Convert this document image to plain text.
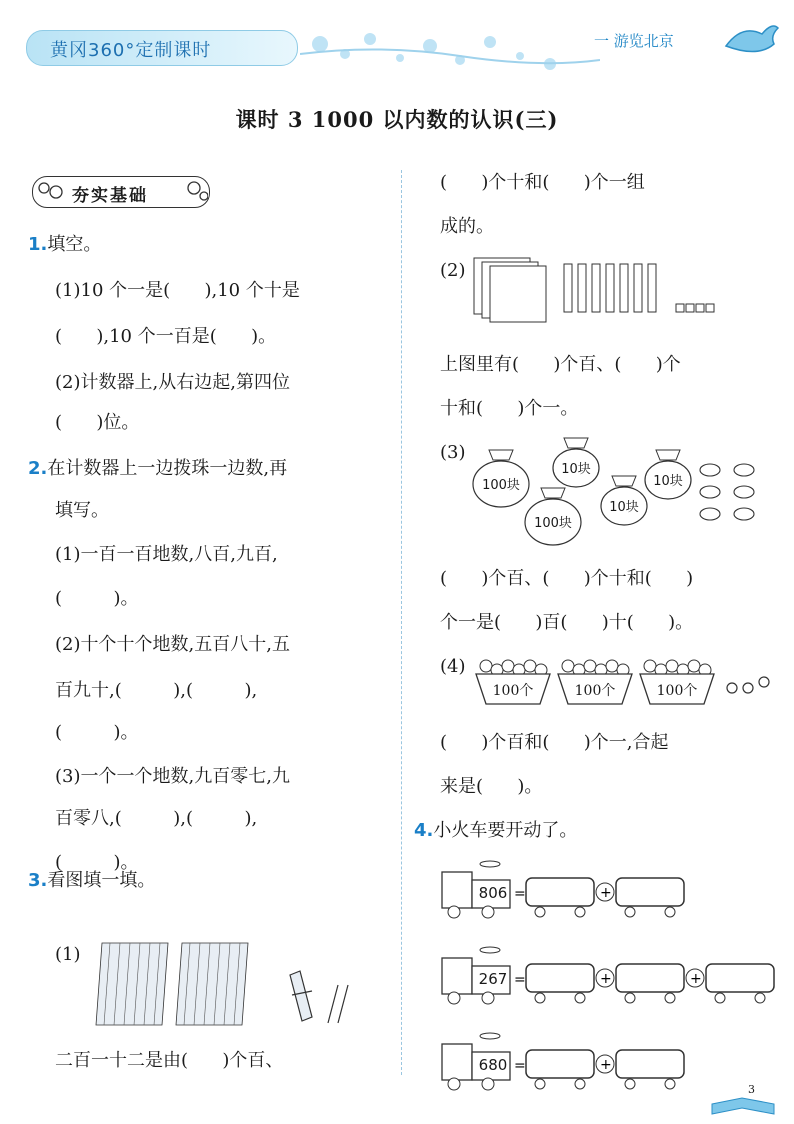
黄冈360°定制课时	一 游览北京
课时 3 1000 以内数的认识(三)
夯实基础
1.填空。
(1)10 个一是(      ),10 个十是
(      ),10 个一百是(      )。
(2)计数器上,从右边起,第四位
(      )位。
2.在计数器上一边拨珠一边数,再
填写。
(1)一百一百地数,八百,九百,
(         )。
(2)十个十个地数,五百八十,五
百九十,(         ),(         ),
(         )。
(3)一个一个地数,九百零七,九
百零八,(         ),(         ),
(         )。
3.看图填一填。
(1)
二百一十二是由(      )个百、
(      )个十和(      )个一组
成的。
(2)
上图里有(      )个百、(      )个
十和(      )个一。
(3)
(      )个百、(      )个十和(      )
个一是(      )百(      )十(      )。
(4)
(      )个百和(      )个一,合起
来是(      )。
4.小火车要开动了。
100块
100块
10块
10块
10块
100个	100个	100个
=	+
806
=	+	+
267
=	+
680
3
